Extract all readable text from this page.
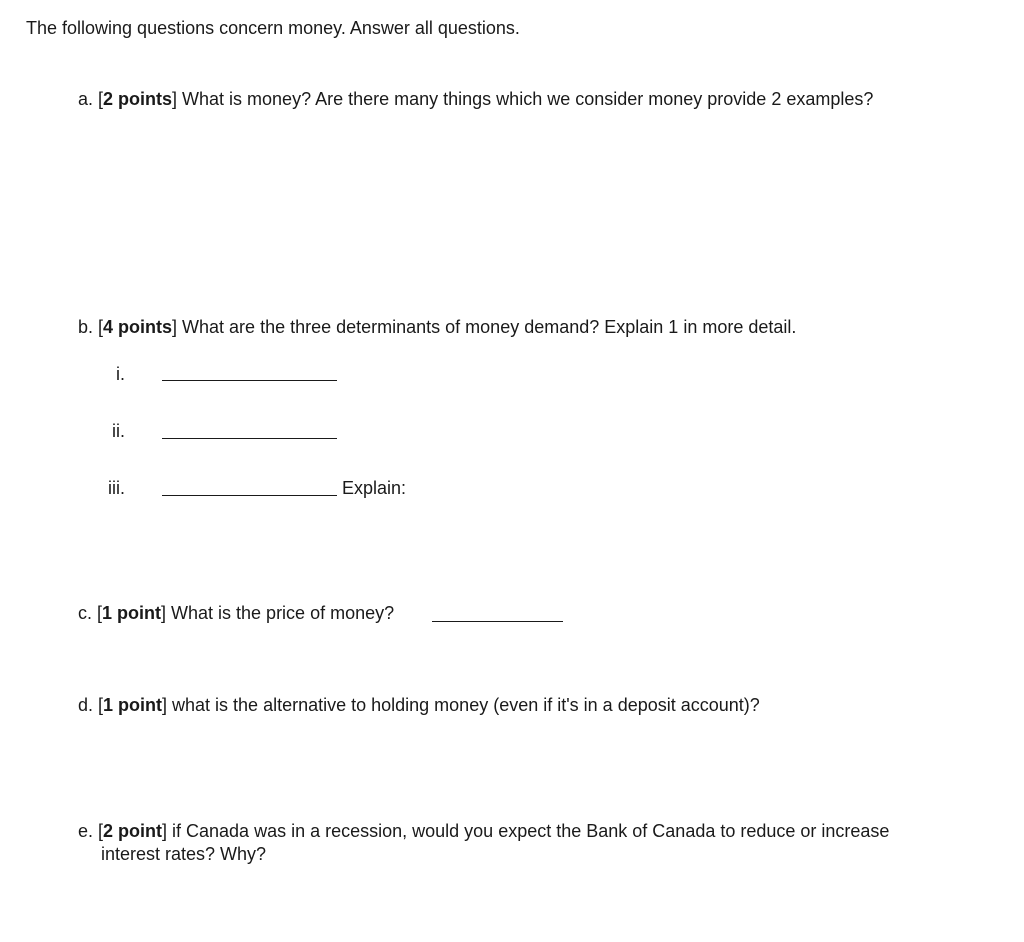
The following questions concern money. Answer all questions.
a. [2 points] What is money? Are there many things which we consider money provide 2 examples?
b. [4 points] What are the three determinants of money demand? Explain 1 in more detail.
i.
ii.
iii.	Explain:
c. [1 point] What is the price of money?
d. [1 point] what is the alternative to holding money (even if it's in a deposit account)?
e. [2 point] if Canada was in a recession, would you expect the Bank of Canada to reduce or increase
interest rates? Why?
